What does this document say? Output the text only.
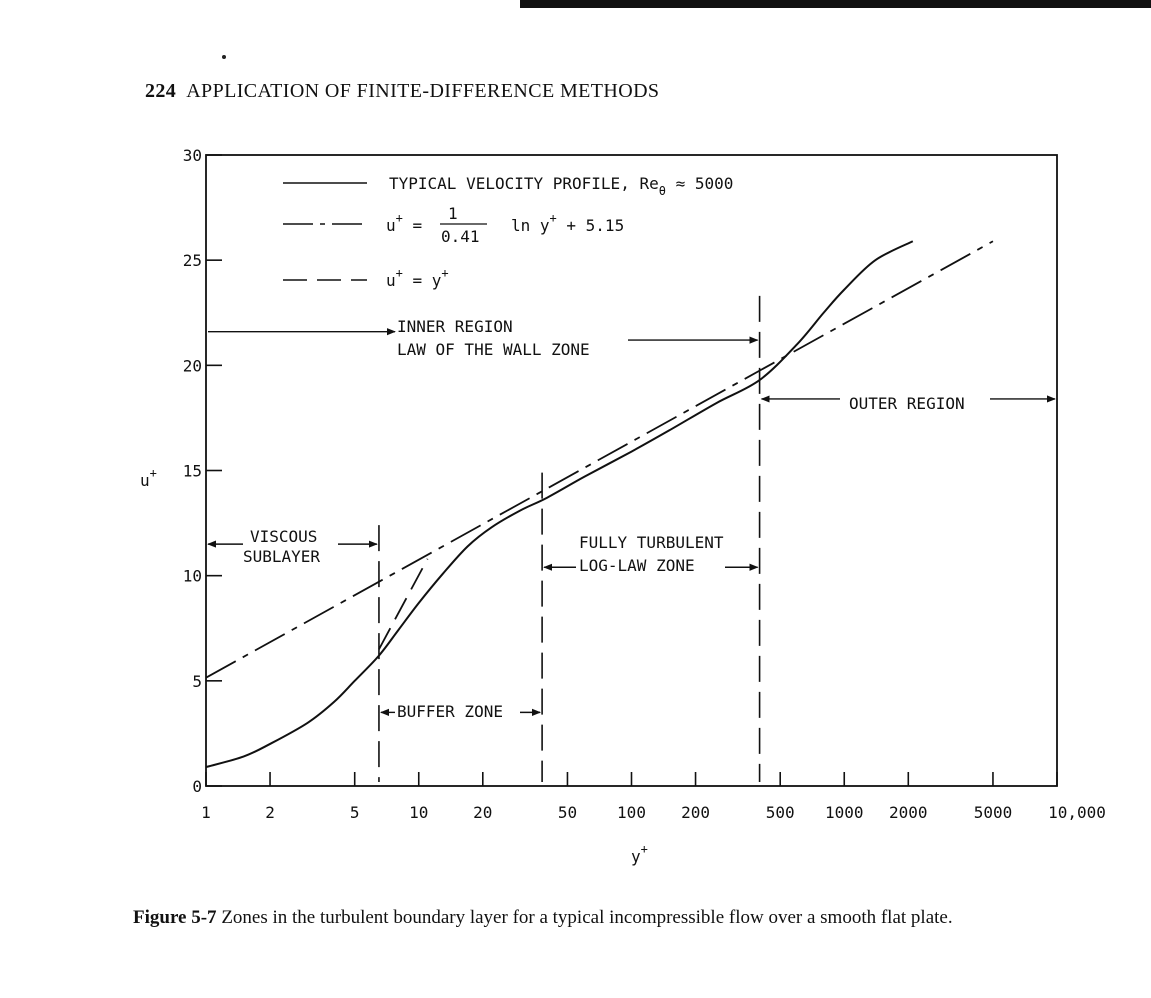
224 APPLICATION OF FINITE-DIFFERENCE METHODS
1	2	5	10	20	50 100 200	500 1000 2000	5000 10,000
0
5
10
15
20
25
30
u+
y+
TYPICAL VELOCITY PROFILE, $Re_\theta \approx 5000$
u+ =
1
0.41
ln y+ + 5.15
u+ = y+
INNER REGION
LAW OF THE WALL ZONE
OUTER REGION
VISCOUS
SUBLAYER
FULLY TURBULENT
LOG-LAW ZONE
BUFFER ZONE
Figure 5-7 Zones in the turbulent boundary layer for a typical incompressible flow over a smooth flat plate.
